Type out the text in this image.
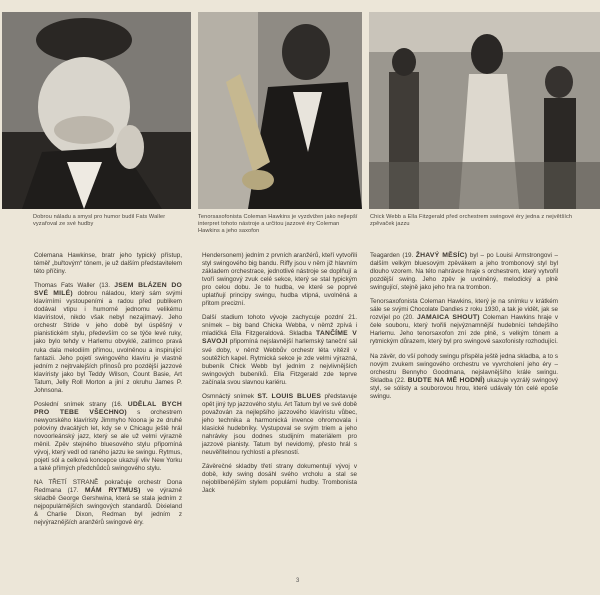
Dobrou náladu a smysl pro humor budil Fats Waller vyzařoval ze své hudby
Tenorsaxofonista Coleman Hawkins je vyzdvižen jako nejlepší interpret tohoto nástroje a určitou jazzové éry Coleman Hawkins a jeho saxofon
Chick Webb a Ella Fitzgerald před orchestrem swingové éry jedna z největších zpěvaček jazzu

Colemana Hawkinse, bratr jeho typický přístup, téměř „buřtovým“ tónem, je už dalším představitelem této příčiny.

Thomas Fats Waller (13. JSEM BLÁZEN DO SVÉ MILÉ) dobrou náladou, který sám svými klavírními vystoupeními a radou před publikem dodával vtipu i humorné jednomu velikému klavíristovi, nikdo však nebyl nezajímavý. Jeho orchestr Stride v jeho době byl úspěšný v pianistickém stylu, především co se týče levé ruky, jako bylo tehdy v Harlemu obvyklé, zatímco pravá ruka dala melodiím přímou, uvolněnou a inspirující fantazii. Jeho pojetí swingového klavíru je vlastně jedním z nejtrvalejších přínosů pro pozdější jazzové klavíristy jako byl Teddy Wilson, Count Basie, Art Tatum, Jelly Roll Morton a jiní z okruhu James P. Johnsona.

Poslední snímek strany (16. UDĚLAL BYCH PRO TEBE VŠECHNO) s orchestrem newyorského klavíristy Jimmyho Noona je ze druhé poloviny dvacátých let, kdy se v Chicagu ještě hrál novoorleánský jazz, který se ale už velmi výrazně měnil. Zpěv stejného bluesového stylu připomíná vývoj, který vedl od raného jazzu ke swingu. Rytmus, pojetí sól a celková koncepce ukazují vliv New Yorku a také přímých předchůdců swingového stylu.

NA TŘETÍ STRANĚ pokračuje orchestr Dona Redmana (17. MÁM RYTMUS) ve výrazné skladbě George Gershwina, která se stala jedním z nejpopulárnějších swingových standardů. Dixieland & Charlie Dixon, Redman byl jedním z nejvýraznějších aranžérů swingové éry.

Hendersonem) jedním z prvních aranžérů, kteří vytvořili styl swingového big bandu. Riffy jsou v něm již hlavním základem orchestrace, jednotlivé nástroje se doplňují a tvoří swingový zvuk celé sekce, který se stal typickým pro celou dobu. Je to hudba, ve které se poprvé uplatňují principy swingu, hudba vtipná, uvolněná a přitom precizní.

Další stadium tohoto vývoje zachycuje pozdní 21. snímek – big band Chicka Webba, v němž zpívá i mladičká Ella Fitzgeraldová. Skladba TANČÍME V SAVOJI připomíná nejslavnější harlemský taneční sál své doby, v němž Webbův orchestr léta vítězil v soutěžích kapel. Rytmická sekce je zde velmi výrazná, bubeník Chick Webb byl jedním z nejvlivnějších swingových bubeníků. Ella Fitzgerald zde teprve začínala svou slavnou kariéru.

Osmnáctý snímek ST. LOUIS BLUES představuje opět jiný typ jazzového stylu. Art Tatum byl ve své době považován za nejlepšího jazzového klavíristu vůbec, jeho technika a harmonická invence ohromovala i klasické hudebníky. Vystupoval se svým triem a jeho nahrávky jsou dodnes studijním materiálem pro jazzové pianisty. Tatum byl nevidomý, přesto hrál s neuvěřitelnou rychlostí a přesností.

Závěrečné skladby třetí strany dokumentují vývoj v době, kdy swing dosáhl svého vrcholu a stal se nejoblíbenějším stylem populární hudby. Trombonista Jack

Teagarden (19. ŽHAVÝ MĚSÍC) byl – po Louisi Armstrongovi – dalším velkým bluesovým zpěvákem a jeho trombonový styl byl dlouho vzorem. Na této nahrávce hraje s orchestrem, který vytvořil pozdější swing. Jeho zpěv je uvolněný, melodický a plně swingující, stejně jako jeho hra na trombon.

Tenorsaxofonista Coleman Hawkins, který je na snímku v krátkém sále se svými Chocolate Dandies z roku 1930, a tak je vidět, jak se rozvíjel po (20. JAMAICA SHOUT) Coleman Hawkins hraje v čele souboru, který tvořili nejvýznamnější hudebníci tehdejšího Harlemu. Jeho tenorsaxofon zní zde plně, s velkým tónem a rytmickým důrazem, který byl pro swingové saxofonisty rozhodující.

Na závěr, do vší pohody swingu přispěla ještě jedna skladba, a to s novým zvukem swingového orchestru ve vyvrcholení jeho éry – orchestru Bennyho Goodmana, nejslavnějšího krále swingu. Skladba (22. BUDTE NA MĚ HODNÍ) ukazuje vyzrálý swingový styl, se sólisty a souborovou hrou, které udávaly tón celé epoše swingu.

3
